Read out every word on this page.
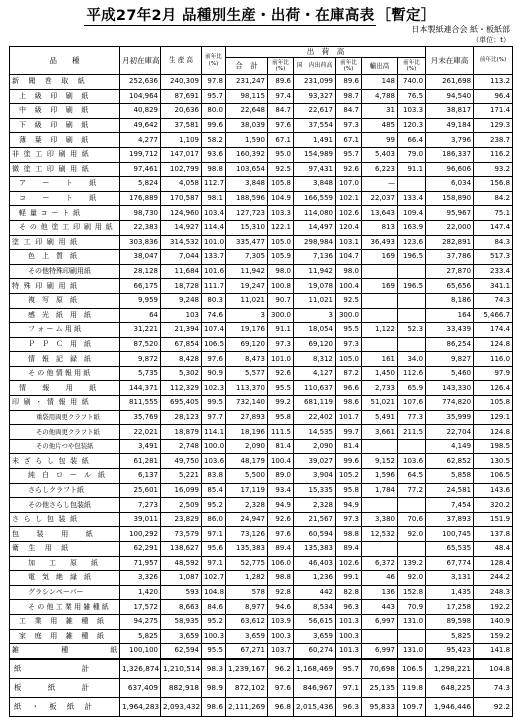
平成27年2月 品種別生産・出荷・在庫高表 ［暫定］
日本製紙連合会 紙・板紙部
（単位：t）
品　　種	月初在庫高	生 産 高	前年比(%)	出　荷　高						月末在庫高	前年比(%)
				合　計	前年比(%)	国　内出荷高	前年比(%)	輸出高	前年比(%)		
新　聞　巻　取　紙	252,636	240,309	97.8	231,247	89.6	231,099	89.6	148	740.0	261,698	113.2
上　級　印　刷　紙	104,964	87,691	95.7	98,115	97.4	93,327	98.7	4,788	76.5	94,540	96.4
中　級　印　刷　紙	40,829	20,636	80.0	22,648	84.7	22,617	84.7	31	103.3	38,817	171.4
下　級　印　刷　紙	49,642	37,581	99.6	38,039	97.6	37,554	97.3	485	120.3	49,184	129.3
薄　葉　印　刷　紙	4,277	1,109	58.2	1,590	67.1	1,491	67.1	99	66.4	3,796	238.7
非 塗 工 印 刷 用 紙	199,712	147,017	93.6	160,392	95.0	154,989	95.7	5,403	79.0	186,337	116.2
微 塗 工 印 刷 用 紙	97,461	102,799	98.8	103,654	92.5	97,431	92.6	6,223	91.1	96,606	93.2
ア　　ー　　ト　　紙	5,824	4,058	112.7	3,848	105.8	3,848	107.0	—		6,034	156.8
コ　　ー　　ト　　紙	176,889	170,587	98.1	188,596	104.9	166,559	102.1	22,037	133.4	158,890	84.2
軽 量 コ ー ト 紙	98,730	124,960	103.4	127,723	103.3	114,080	102.6	13,643	109.4	95,967	75.1
そ の 他 塗 工 印 刷 用 紙	22,383	14,927	114.4	15,310	122.1	14,497	120.4	813	163.9	22,000	147.4
塗 工 印 刷 用 紙	303,836	314,532	101.0	335,477	105.0	298,984	103.1	36,493	123.6	282,891	84.3
色　上　質　紙	38,047	7,044	133.7	7,305	105.9	7,136	104.7	169	196.5	37,786	517.3
その他特殊印刷用紙	28,128	11,684	101.6	11,942	98.0	11,942	98.0			27,870	233.4
特 殊 印 刷 用 紙	66,175	18,728	111.7	19,247	100.8	19,078	100.4	169	196.5	65,656	341.1
複　写　原　紙	9,959	9,248	80.3	11,021	90.7	11,021	92.5			8,186	74.3
感　光　紙　用　紙	64	103	74.6	3	300.0	3	300.0			164	5,466.7
フ ォ ー ム 用 紙	31,221	21,394	107.4	19,176	91.1	18,054	95.5	1,122	52.3	33,439	174.4
Ｐ　Ｐ　Ｃ　用　紙	87,520	67,854	106.5	69,120	97.3	69,120	97.3			86,254	124.8
情　報　記　録　紙	9,872	8,428	97.6	8,473	101.0	8,312	105.0	161	34.0	9,827	116.0
そ の 他 情 報 用 紙	5,735	5,302	90.9	5,577	92.6	4,127	87.2	1,450	112.6	5,460	97.9
情　　報　　用　　紙	144,371	112,329	102.3	113,370	95.5	110,637	96.6	2,733	65.9	143,330	126.4
印 刷 ・ 情 報 用 紙	811,555	695,405	99.5	732,140	99.2	681,119	98.6	51,021	107.6	774,820	105.8
重袋用両更クラフト紙	35,769	28,123	97.7	27,893	95.8	22,402	101.7	5,491	77.3	35,999	129.1
その他両更クラフト紙	22,021	18,879	114.1	18,196	111.5	14,535	99.7	3,661	211.5	22,704	124.8
その他片つや包装紙	3,491	2,748	100.0	2,090	81.4	2,090	81.4			4,149	198.5
未 ざ ら し 包 装 紙	61,281	49,750	103.6	48,179	100.4	39,027	99.6	9,152	103.6	62,852	130.5
純　白　ロ　ー　ル　紙	6,137	5,221	83.8	5,500	89.0	3,904	105.2	1,596	64.5	5,858	106.5
さらしクラフト紙	25,601	16,099	85.4	17,119	93.4	15,335	95.8	1,784	77.2	24,581	143.6
その他さらし包装紙	7,273	2,509	95.2	2,328	94.9	2,328	94.9			7,454	320.2
さ ら し 包 装 紙	39,011	23,829	86.0	24,947	92.6	21,567	97.3	3,380	70.6	37,893	151.9
包　　装　　用　　紙	100,292	73,579	97.1	73,126	97.6	60,594	98.8	12,532	92.0	100,745	137.8
衛　生　用　紙	62,291	138,627	95.6	135,383	89.4	135,383	89.4			65,535	48.4
加　　工　　原　　紙	71,957	48,592	97.1	52,775	106.0	46,403	102.6	6,372	139.2	67,774	128.4
電　気　絶　縁　紙	3,326	1,087	102.7	1,282	98.8	1,236	99.1	46	92.0	3,131	244.2
グラシンペーパー	1,420	593	104.8	578	92.8	442	82.8	136	152.8	1,435	248.3
そ の 他 工 業 用 雑 種 紙	17,572	8,663	84.6	8,977	94.6	8,534	96.3	443	70.9	17,258	192.2
工　業　用　雑　種　紙	94,275	58,935	95.2	63,612	103.9	56,615	101.3	6,997	131.0	89,598	140.9
家　庭　用　雑　種　紙	5,825	3,659	100.3	3,659	100.3	3,659	100.3			5,825	159.2
雑　　　　　種　　　　　紙	100,100	62,594	95.5	67,271	103.7	60,274	101.3	6,997	131.0	95,423	141.8
紙　　　　　計	1,326,874	1,210,514	98.3	1,239,167	96.2	1,168,469	95.7	70,698	106.5	1,298,221	104.8
板　　紙　　計	637,409	882,918	98.9	872,102	97.6	846,967	97.1	25,135	119.8	648,225	74.3
紙 ・ 板 紙 計	1,964,283	2,093,432	98.6	2,111,269	96.8	2,015,436	96.3	95,833	109.7	1,946,446	92.2
